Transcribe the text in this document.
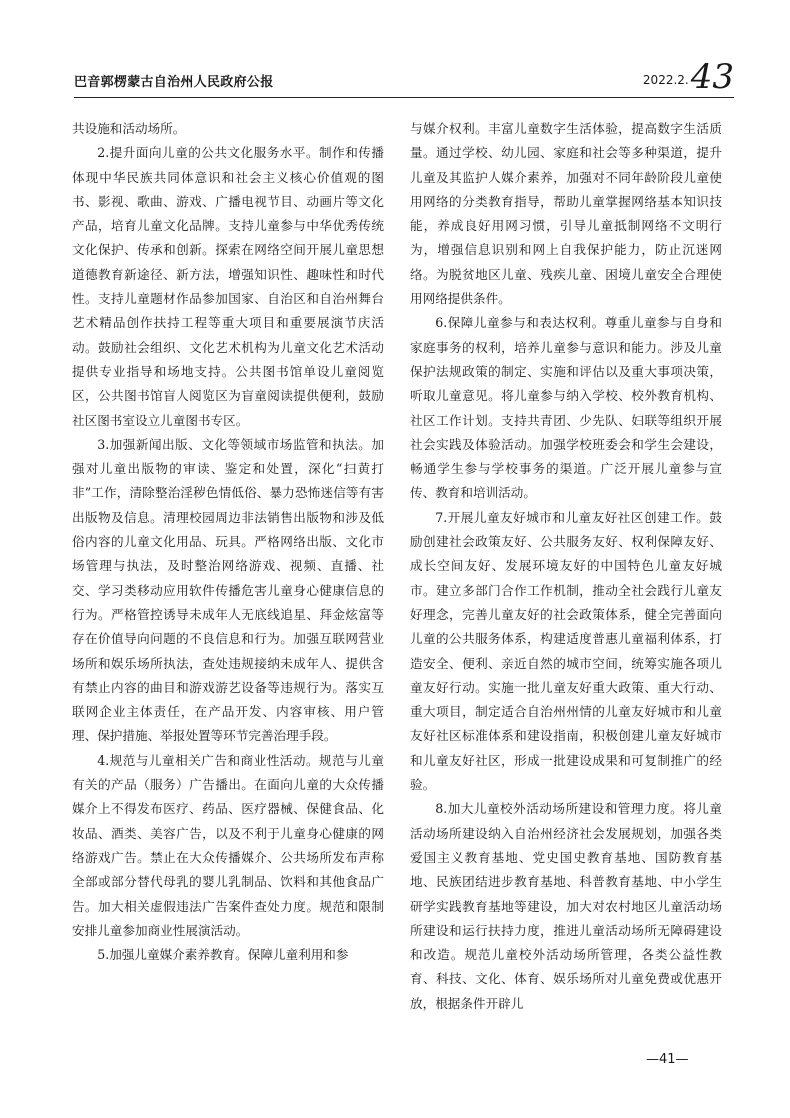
巴音郭楞蒙古自治州人民政府公报	$^{2022.2.}$43

共设施和活动场所。

2.提升面向儿童的公共文化服务水平。制作和传播体现中华民族共同体意识和社会主义核心价值观的图书、影视、歌曲、游戏、广播电视节目、动画片等文化产品，培育儿童文化品牌。支持儿童参与中华优秀传统文化保护、传承和创新。探索在网络空间开展儿童思想道德教育新途径、新方法，增强知识性、趣味性和时代性。支持儿童题材作品参加国家、自治区和自治州舞台艺术精品创作扶持工程等重大项目和重要展演节庆活动。鼓励社会组织、文化艺术机构为儿童文化艺术活动提供专业指导和场地支持。公共图书馆单设儿童阅览区，公共图书馆盲人阅览区为盲童阅读提供便利，鼓励社区图书室设立儿童图书专区。

3.加强新闻出版、文化等领域市场监管和执法。加强对儿童出版物的审读、鉴定和处置，深化“扫黄打非”工作，清除整治淫秽色情低俗、暴力恐怖迷信等有害出版物及信息。清理校园周边非法销售出版物和涉及低俗内容的儿童文化用品、玩具。严格网络出版、文化市场管理与执法，及时整治网络游戏、视频、直播、社交、学习类移动应用软件传播危害儿童身心健康信息的行为。严格管控诱导未成年人无底线追星、拜金炫富等存在价值导向问题的不良信息和行为。加强互联网营业场所和娱乐场所执法，查处违规接纳未成年人、提供含有禁止内容的曲目和游戏游艺设备等违规行为。落实互联网企业主体责任，在产品开发、内容审核、用户管理、保护措施、举报处置等环节完善治理手段。

4.规范与儿童相关广告和商业性活动。规范与儿童有关的产品（服务）广告播出。在面向儿童的大众传播媒介上不得发布医疗、药品、医疗器械、保健食品、化妆品、酒类、美容广告，以及不利于儿童身心健康的网络游戏广告。禁止在大众传播媒介、公共场所发布声称全部或部分替代母乳的婴儿乳制品、饮料和其他食品广告。加大相关虚假违法广告案件查处力度。规范和限制安排儿童参加商业性展演活动。

5.加强儿童媒介素养教育。保障儿童利用和参

与媒介权利。丰富儿童数字生活体验，提高数字生活质量。通过学校、幼儿园、家庭和社会等多种渠道，提升儿童及其监护人媒介素养，加强对不同年龄阶段儿童使用网络的分类教育指导，帮助儿童掌握网络基本知识技能，养成良好用网习惯，引导儿童抵制网络不文明行为，增强信息识别和网上自我保护能力，防止沉迷网络。为脱贫地区儿童、残疾儿童、困境儿童安全合理使用网络提供条件。

6.保障儿童参与和表达权利。尊重儿童参与自身和家庭事务的权利，培养儿童参与意识和能力。涉及儿童保护法规政策的制定、实施和评估以及重大事项决策，听取儿童意见。将儿童参与纳入学校、校外教育机构、社区工作计划。支持共青团、少先队、妇联等组织开展社会实践及体验活动。加强学校班委会和学生会建设，畅通学生参与学校事务的渠道。广泛开展儿童参与宣传、教育和培训活动。

7.开展儿童友好城市和儿童友好社区创建工作。鼓励创建社会政策友好、公共服务友好、权利保障友好、成长空间友好、发展环境友好的中国特色儿童友好城市。建立多部门合作工作机制，推动全社会践行儿童友好理念，完善儿童友好的社会政策体系，健全完善面向儿童的公共服务体系，构建适度普惠儿童福利体系，打造安全、便利、亲近自然的城市空间，统筹实施各项儿童友好行动。实施一批儿童友好重大政策、重大行动、重大项目，制定适合自治州州情的儿童友好城市和儿童友好社区标准体系和建设指南，积极创建儿童友好城市和儿童友好社区，形成一批建设成果和可复制推广的经验。

8.加大儿童校外活动场所建设和管理力度。将儿童活动场所建设纳入自治州经济社会发展规划，加强各类爱国主义教育基地、党史国史教育基地、国防教育基地、民族团结进步教育基地、科普教育基地、中小学生研学实践教育基地等建设，加大对农村地区儿童活动场所建设和运行扶持力度，推进儿童活动场所无障碍建设和改造。规范儿童校外活动场所管理，各类公益性教育、科技、文化、体育、娱乐场所对儿童免费或优惠开放，根据条件开辟儿

—41—
